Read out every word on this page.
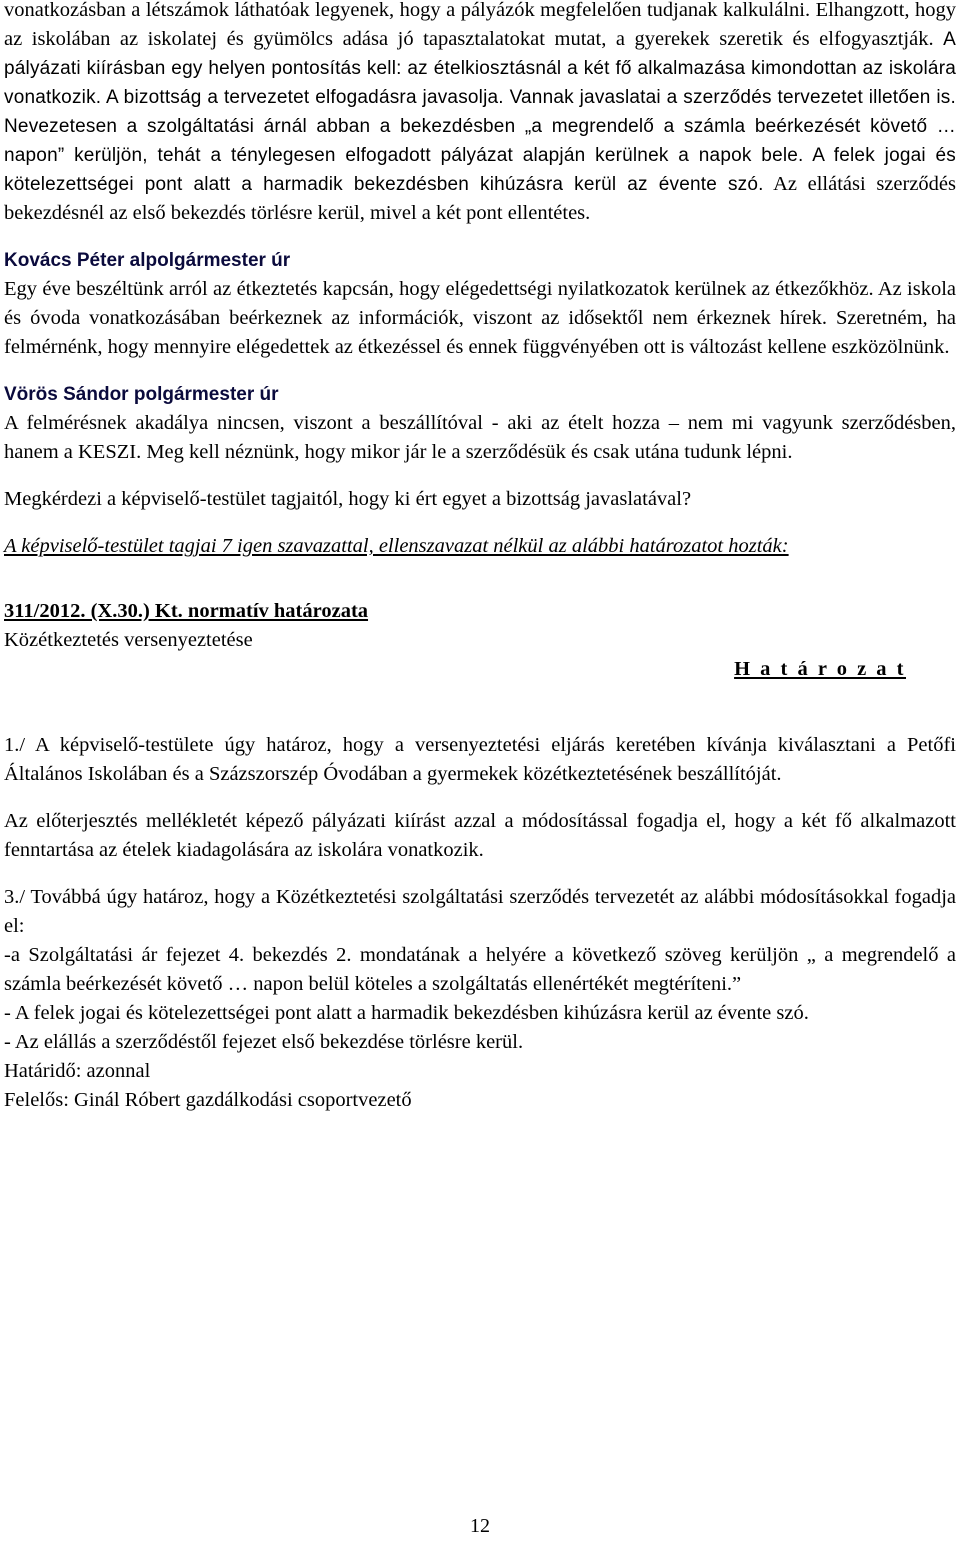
vonatkozásban a létszámok láthatóak legyenek, hogy a pályázók megfelelően tudjanak kalkulálni. Elhangzott, hogy az iskolában az iskolatej és gyümölcs adása jó tapasztalatokat mutat, a gyerekek szeretik és elfogyasztják. A pályázati kiírásban egy helyen pontosítás kell: az ételkiosztásnál a két fő alkalmazása kimondottan az iskolára vonatkozik. A bizottság a tervezetet elfogadásra javasolja. Vannak javaslatai a szerződés tervezetet illetően is. Nevezetesen a szolgáltatási árnál abban a bekezdésben „a megrendelő a számla beérkezését követő … napon” kerüljön, tehát a ténylegesen elfogadott pályázat alapján kerülnek a napok bele. A felek jogai és kötelezettségei pont alatt a harmadik bekezdésben kihúzásra kerül az évente szó. Az ellátási szerződés bekezdésnél az első bekezdés törlésre kerül, mivel a két pont ellentétes.

Kovács Péter alpolgármester úr

Egy éve beszéltünk arról az étkeztetés kapcsán, hogy elégedettségi nyilatkozatok kerülnek az étkezőkhöz. Az iskola és óvoda vonatkozásában beérkeznek az információk, viszont az idősektől nem érkeznek hírek. Szeretném, ha felmérnénk, hogy mennyire elégedettek az étkezéssel és ennek függvényében ott is változást kellene eszközölnünk.

Vörös Sándor polgármester úr

A felmérésnek akadálya nincsen, viszont a beszállítóval - aki az ételt hozza – nem mi vagyunk szerződésben, hanem a KESZI. Meg kell néznünk, hogy mikor jár le a szerződésük és csak utána tudunk lépni.

Megkérdezi a képviselő-testület tagjaitól, hogy ki ért egyet a bizottság javaslatával?

A képviselő-testület tagjai 7 igen szavazattal, ellenszavazat nélkül az alábbi határozatot hozták:

311/2012. (X.30.) Kt. normatív határozata
Közétkeztetés versenyeztetése
H a t á r o z a t

1./ A képviselő-testülete úgy határoz, hogy a versenyeztetési eljárás keretében kívánja kiválasztani a Petőfi Általános Iskolában és a Százszorszép Óvodában a gyermekek közétkeztetésének beszállítóját.

Az előterjesztés mellékletét képező pályázati kiírást azzal a módosítással fogadja el, hogy a két fő alkalmazott fenntartása az ételek kiadagolására az iskolára vonatkozik.

3./ Továbbá úgy határoz, hogy a Közétkeztetési szolgáltatási szerződés tervezetét az alábbi módosításokkal fogadja el:

-a Szolgáltatási ár fejezet 4. bekezdés 2. mondatának a helyére a következő szöveg kerüljön „ a megrendelő a számla beérkezését követő … napon belül köteles a szolgáltatás ellenértékét megtéríteni.”

- A felek jogai és kötelezettségei pont alatt a harmadik bekezdésben kihúzásra kerül az évente szó.

- Az elállás a szerződéstől fejezet első bekezdése törlésre kerül.

Határidő: azonnal
Felelős: Ginál Róbert gazdálkodási csoportvezető
12
